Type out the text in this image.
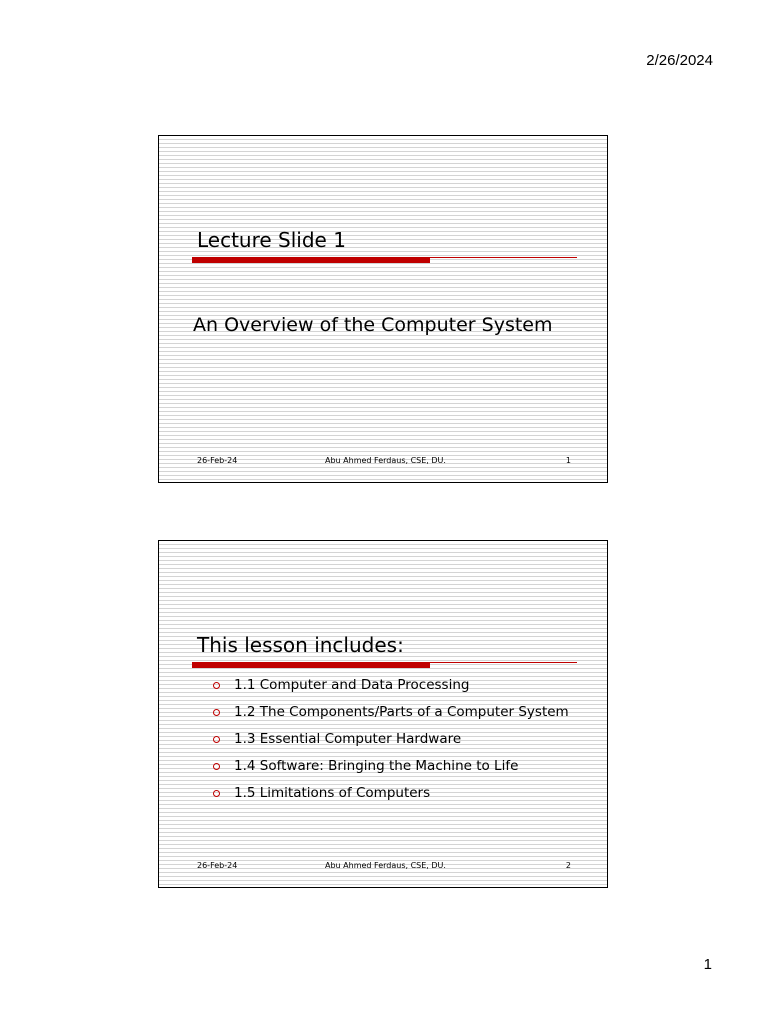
2/26/2024
Lecture Slide 1
An Overview of the Computer System
26-Feb-24	Abu Ahmed Ferdaus, CSE, DU.	1
This lesson includes:
1.1 Computer and Data Processing
1.2 The Components/Parts of a Computer System
1.3 Essential Computer Hardware
1.4 Software: Bringing the Machine to Life
1.5 Limitations of Computers
26-Feb-24	Abu Ahmed Ferdaus, CSE, DU.	2
1
